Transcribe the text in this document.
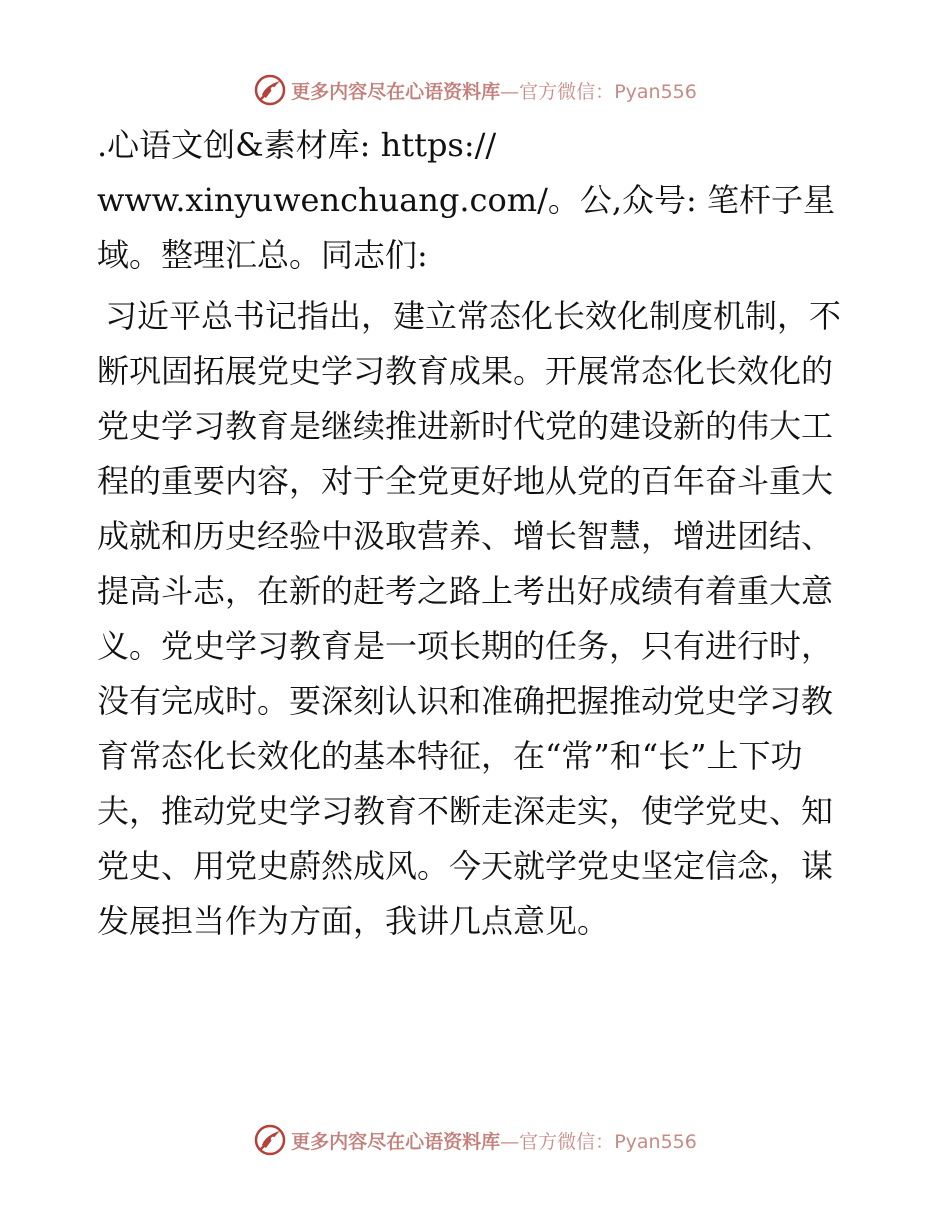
更多内容尽在心语资料库—官方微信：Pyan556

.心语文创&素材库: https://
www.xinyuwenchuang.com/。公,众号: 笔杆子星
域。整理汇总。同志们:

习近平总书记指出，建立常态化长效化制度机制，不断巩固拓展党史学习教育成果。开展常态化长效化的党史学习教育是继续推进新时代党的建设新的伟大工程的重要内容，对于全党更好地从党的百年奋斗重大成就和历史经验中汲取营养、增长智慧，增进团结、提高斗志，在新的赶考之路上考出好成绩有着重大意义。党史学习教育是一项长期的任务，只有进行时，没有完成时。要深刻认识和准确把握推动党史学习教育常态化长效化的基本特征，在“常”和“长”上下功夫，推动党史学习教育不断走深走实，使学党史、知党史、用党史蔚然成风。今天就学党史坚定信念，谋发展担当作为方面，我讲几点意见。

更多内容尽在心语资料库—官方微信：Pyan556
